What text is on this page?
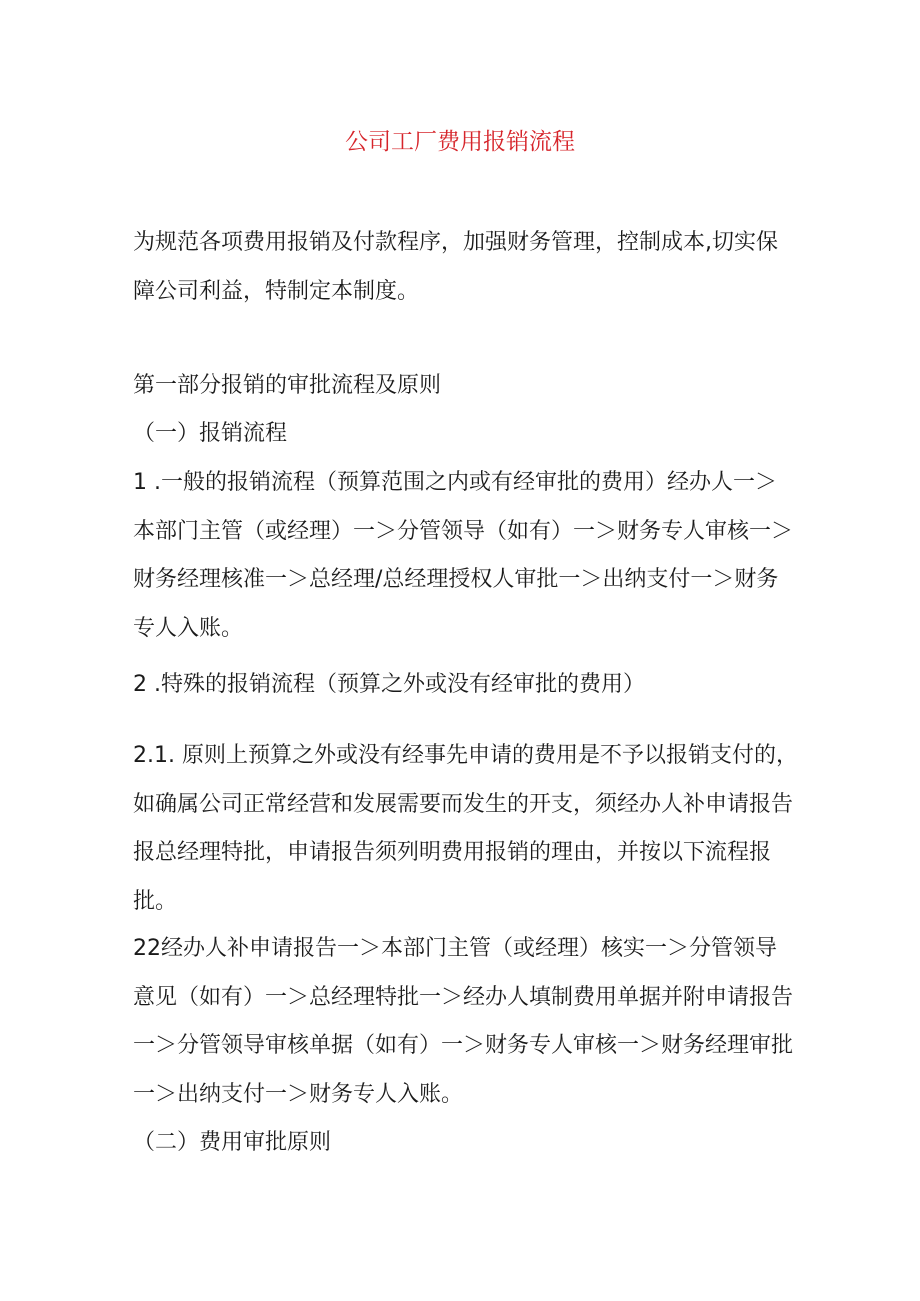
公司工厂费用报销流程

为规范各项费用报销及付款程序，加强财务管理，控制成本,切实保障公司利益，特制定本制度。

第一部分报销的审批流程及原则

（一）报销流程

1 .一般的报销流程（预算范围之内或有经审批的费用）经办人一＞本部门主管（或经理）一＞分管领导（如有）一＞财务专人审核一＞财务经理核准一＞总经理/总经理授权人审批一＞出纳支付一＞财务专人入账。

2 .特殊的报销流程（预算之外或没有经审批的费用）

2.1. 原则上预算之外或没有经事先申请的费用是不予以报销支付的，如确属公司正常经营和发展需要而发生的开支，须经办人补申请报告报总经理特批，申请报告须列明费用报销的理由，并按以下流程报批。

22经办人补申请报告一＞本部门主管（或经理）核实一＞分管领导意见（如有）一＞总经理特批一＞经办人填制费用单据并附申请报告一＞分管领导审核单据（如有）一＞财务专人审核一＞财务经理审批一＞出纳支付一＞财务专人入账。

（二）费用审批原则
